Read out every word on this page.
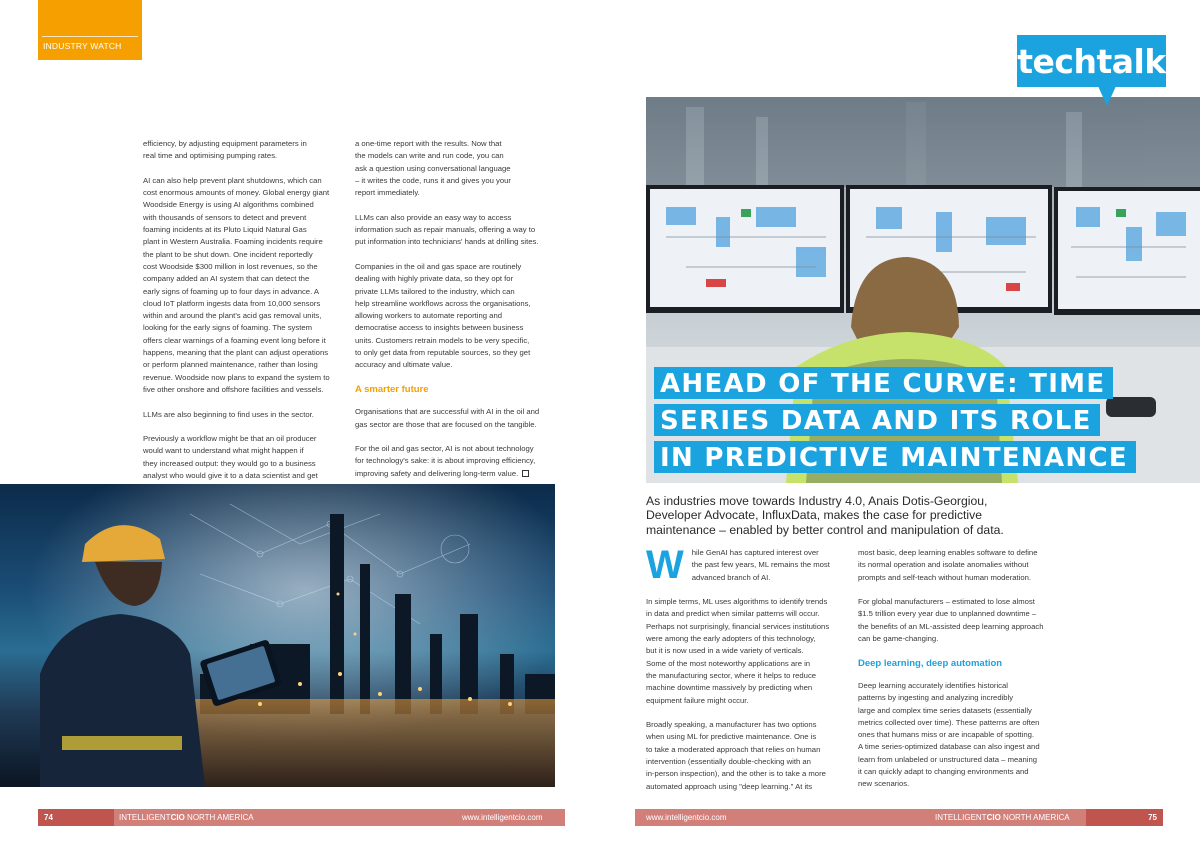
INDUSTRY WATCH

efficiency, by adjusting equipment parameters in
real time and optimising pumping rates.

AI can also help prevent plant shutdowns, which can
cost enormous amounts of money. Global energy giant
Woodside Energy is using AI algorithms combined
with thousands of sensors to detect and prevent
foaming incidents at its Pluto Liquid Natural Gas
plant in Western Australia. Foaming incidents require
the plant to be shut down. One incident reportedly
cost Woodside $300 million in lost revenues, so the
company added an AI system that can detect the
early signs of foaming up to four days in advance. A
cloud IoT platform ingests data from 10,000 sensors
within and around the plant's acid gas removal units,
looking for the early signs of foaming. The system
offers clear warnings of a foaming event long before it
happens, meaning that the plant can adjust operations
or perform planned maintenance, rather than losing
revenue. Woodside now plans to expand the system to
five other onshore and offshore facilities and vessels.

LLMs are also beginning to find uses in the sector.

Previously a workflow might be that an oil producer
would want to understand what might happen if
they increased output: they would go to a business
analyst who would give it to a data scientist and get

a one-time report with the results. Now that
the models can write and run code, you can
ask a question using conversational language
– it writes the code, runs it and gives you your
report immediately.

LLMs can also provide an easy way to access
information such as repair manuals, offering a way to
put information into technicians' hands at drilling sites.

Companies in the oil and gas space are routinely
dealing with highly private data, so they opt for
private LLMs tailored to the industry, which can
help streamline workflows across the organisations,
allowing workers to automate reporting and
democratise access to insights between business
units. Customers retrain models to be very specific,
to only get data from reputable sources, so they get
accuracy and ultimate value.

A smarter future

Organisations that are successful with AI in the oil and
gas sector are those that are focused on the tangible.

For the oil and gas sector, AI is not about technology
for technology's sake: it is about improving efficiency,
improving safety and delivering long-term value.

techtalk
AHEAD OF THE CURVE: TIME
SERIES DATA AND ITS ROLE
IN PREDICTIVE MAINTENANCE
As industries move towards Industry 4.0, Anais Dotis-Georgiou, Developer Advocate, InfluxData, makes the case for predictive maintenance – enabled by better control and manipulation of data.

W hile GenAI has captured interest over
the past few years, ML remains the most
advanced branch of AI.

In simple terms, ML uses algorithms to identify trends
in data and predict when similar patterns will occur.
Perhaps not surprisingly, financial services institutions
were among the early adopters of this technology,
but it is now used in a wide variety of verticals.
Some of the most noteworthy applications are in
the manufacturing sector, where it helps to reduce
machine downtime massively by predicting when
equipment failure might occur.

Broadly speaking, a manufacturer has two options
when using ML for predictive maintenance. One is
to take a moderated approach that relies on human
intervention (essentially double-checking with an
in-person inspection), and the other is to take a more
automated approach using "deep learning." At its

most basic, deep learning enables software to define
its normal operation and isolate anomalies without
prompts and self-teach without human moderation.

For global manufacturers – estimated to lose almost
$1.5 trillion every year due to unplanned downtime –
the benefits of an ML-assisted deep learning approach
can be game-changing.

Deep learning, deep automation

Deep learning accurately identifies historical
patterns by ingesting and analyzing incredibly
large and complex time series datasets (essentially
metrics collected over time). These patterns are often
ones that humans miss or are incapable of spotting.
A time series-optimized database can also ingest and
learn from unlabeled or unstructured data – meaning
it can quickly adapt to changing environments and
new scenarios.

74	INTELLIGENTCIO NORTH AMERICA	www.intelligentcio.com	www.intelligentcio.com	INTELLIGENTCIO NORTH AMERICA	75
